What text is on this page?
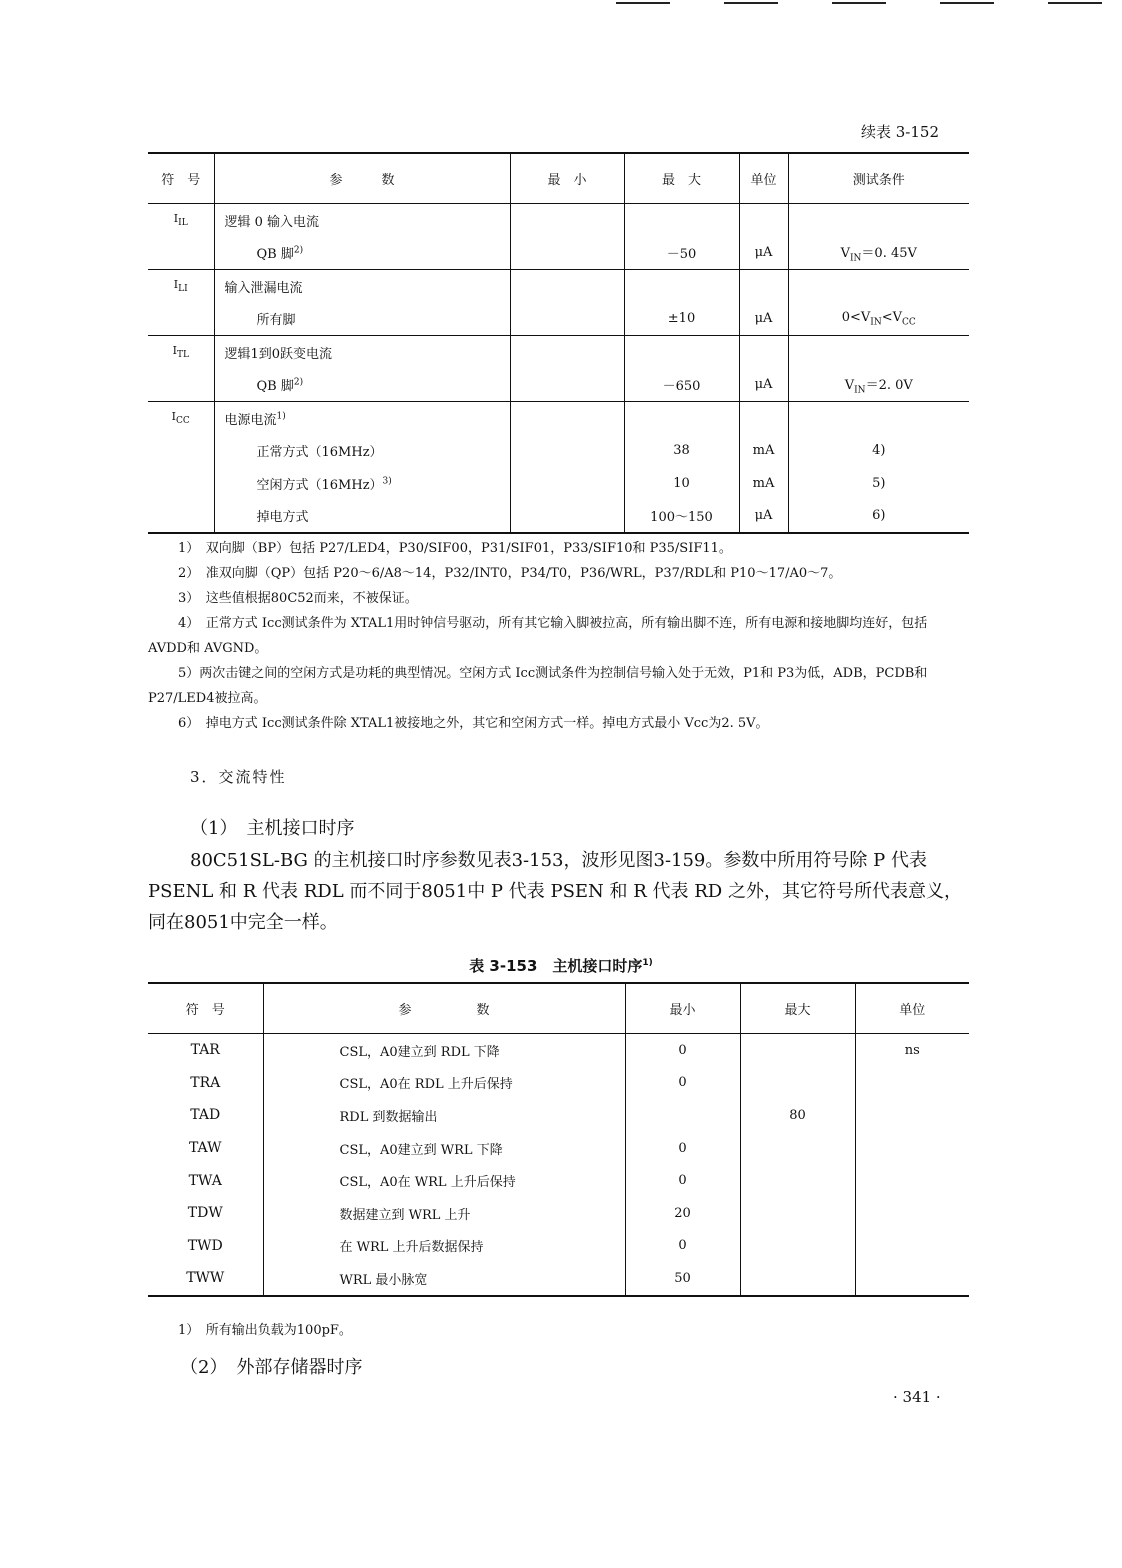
续表 3-152
符　号	参　　　数	最　小	最　大	单位	测试条件
$I_{IL}$	逻辑 0 输入电流				
	QB 脚$^{2)}$		－50	μA	$V_{IN}=0$. 45V
$I_{LI}$	输入泄漏电流				
	所有脚		±10	μA	$0<V_{IN}<V_{CC}$
$I_{TL}$	逻辑1到0跃变电流				
	QB 脚$^{2)}$		－650	μA	$V_{IN}=2$. 0V
$I_{CC}$	电源电流$^{1)}$				
	正常方式（16MHz）		38	mA	4)
	空闲方式$(16MHz)^{3)}$		10	mA	5)
	掉电方式		100～150	μA	6)

1）　双向脚（BP）包括 P27/LED4，P30/SIF00，P31/SIF01，P33/SIF10和 P35/SIF11。

2）　准双向脚（QP）包括 P20～6/A8～14，P32/INT0，P34/T0，P36/WRL，P37/RDL和 P10～17/A0～7。

3）　这些值根据80C52而来，不被保证。

4）　正常方式 Icc测试条件为 XTAL1用时钟信号驱动，所有其它输入脚被拉高，所有输出脚不连，所有电源和接地脚均连好，包括 AVDD和 AVGND。

5）两次击键之间的空闲方式是功耗的典型情况。空闲方式 Icc测试条件为控制信号输入处于无效，P1和 P3为低，ADB，PCDB和 P27/LED4被拉高。

6）　掉电方式 Icc测试条件除 XTAL1被接地之外，其它和空闲方式一样。掉电方式最小 Vcc为2. 5V。

3．交流特性
（1）　主机接口时序
80C51SL-BG 的主机接口时序参数见表3-153，波形见图3-159。参数中所用符号除 P 代表 PSENL 和 R 代表 RDL 而不同于8051中 P 代表 PSEN 和 R 代表 RD 之外，其它符号所代表意义，同在8051中完全一样。
表 3-153　主机接口时序$^{1)}$
符　号	参　　　　　数	最小	最大	单位
TAR	CSL，A0建立到 RDL 下降	0		ns
TRA	CSL，A0在 RDL 上升后保持	0		
TAD	RDL 到数据输出		80	
TAW	CSL，A0建立到 WRL 下降	0		
TWA	CSL，A0在 WRL 上升后保持	0		
TDW	数据建立到 WRL 上升	20		
TWD	在 WRL 上升后数据保持	0		
TWW	WRL 最小脉宽	50		
1）　所有输出负载为100pF。
（2）　外部存储器时序
· 341 ·
